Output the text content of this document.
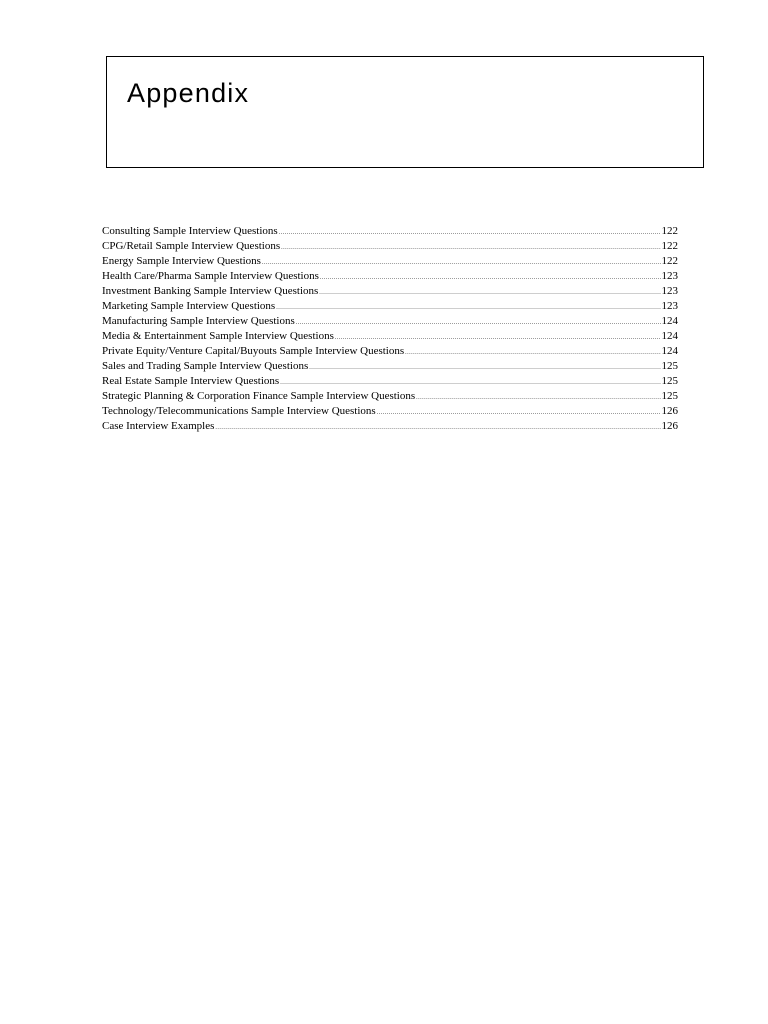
Appendix
Consulting Sample Interview Questions .....	122
CPG/Retail Sample Interview Questions .....	122
Energy Sample Interview Questions .....	122
Health Care/Pharma Sample Interview Questions .....	123
Investment Banking Sample Interview Questions .....	123
Marketing Sample Interview Questions .....	123
Manufacturing Sample Interview Questions .....	124
Media & Entertainment Sample Interview Questions .....	124
Private Equity/Venture Capital/Buyouts Sample Interview Questions .....	124
Sales and Trading Sample Interview Questions .....	125
Real Estate Sample Interview Questions .....	125
Strategic Planning & Corporation Finance Sample Interview Questions .....	125
Technology/Telecommunications Sample Interview Questions .....	126
Case Interview Examples .....	126
